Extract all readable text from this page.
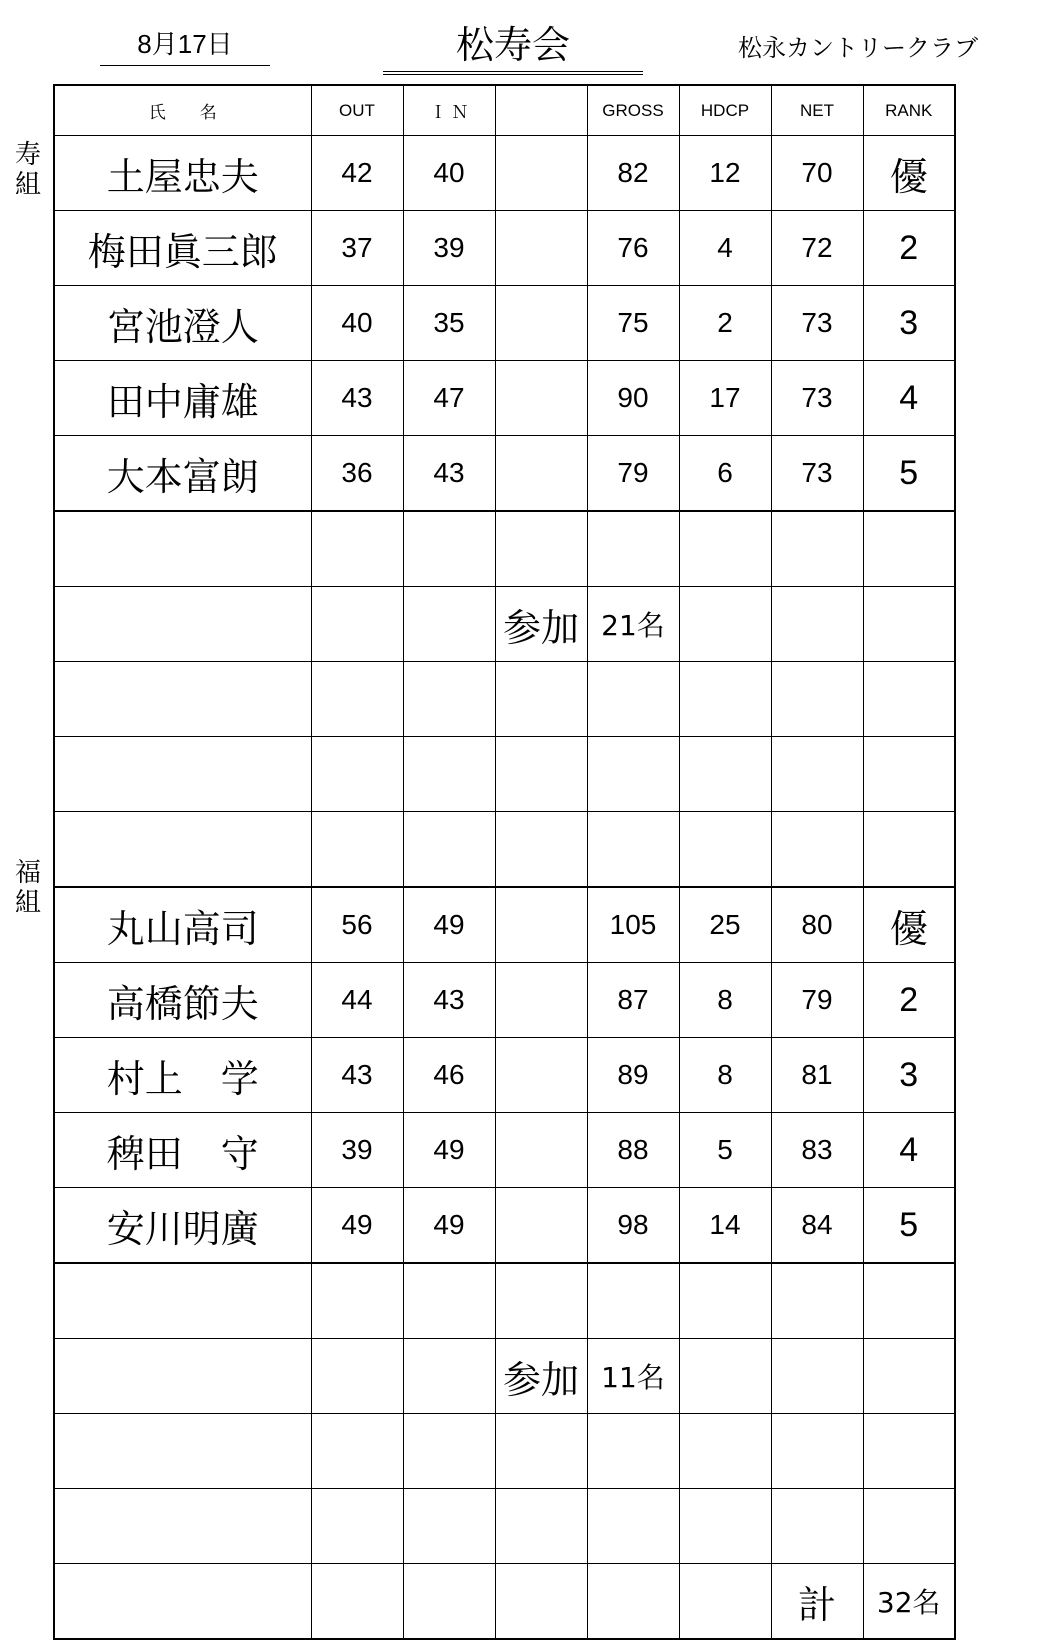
8月17日	松寿会	松永カントリークラブ
寿
組
福
組
氏　　名	OUT	Ｉ Ｎ		GROSS	HDCP	NET	RANK
土屋忠夫	42	40		82	12	70	優
梅田眞三郎	37	39		76	4	72	2
宮池澄人	40	35		75	2	73	3
田中庸雄	43	47		90	17	73	4
大本富朗	36	43		79	6	73	5

			参加	21名			

丸山高司	56	49		105	25	80	優
高橋節夫	44	43		87	8	79	2
村上　学	43	46		89	8	81	3
稗田　守	39	49		88	5	83	4
安川明廣	49	49		98	14	84	5

			参加	11名			

						計	32名
